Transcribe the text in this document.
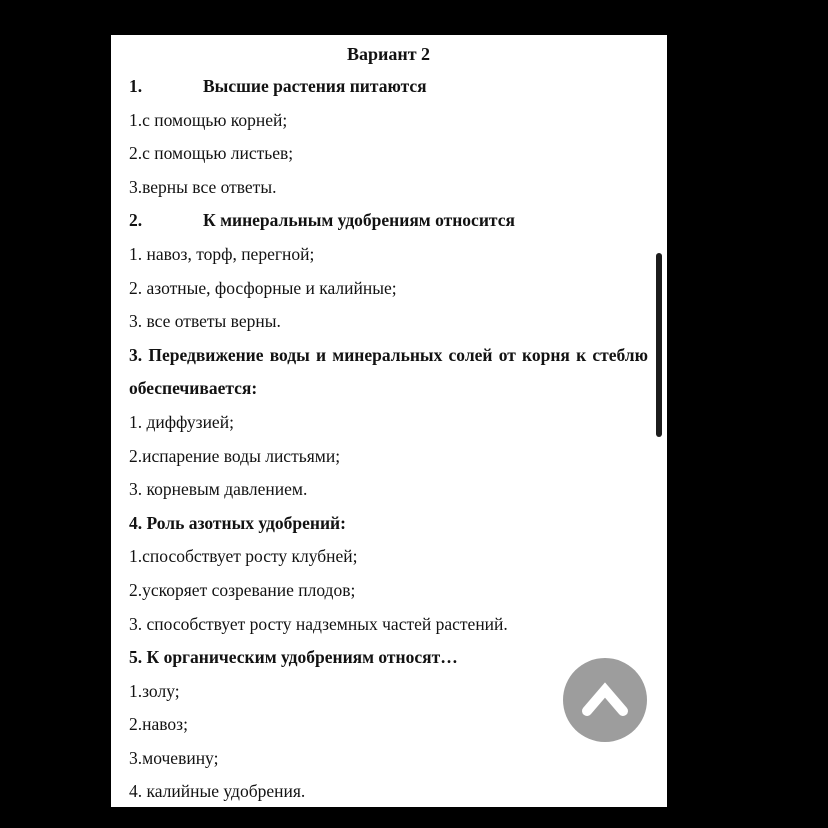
Вариант 2

1.	Высшие растения питаются

1.с помощью корней;

2.с помощью листьев;

3.верны все ответы.

2.	К минеральным удобрениям относится

1. навоз, торф, перегной;

2. азотные, фосфорные и калийные;

3. все ответы верны.

3. Передвижение воды и минеральных солей от корня к стеблю обеспечивается:

1. диффузией;

2.испарение воды листьями;

3. корневым давлением.

4. Роль азотных удобрений:

1.способствует росту клубней;

2.ускоряет созревание плодов;

3. способствует росту надземных частей растений.

5. К органическим удобрениям относят…

1.золу;

2.навоз;

3.мочевину;

4. калийные удобрения.
